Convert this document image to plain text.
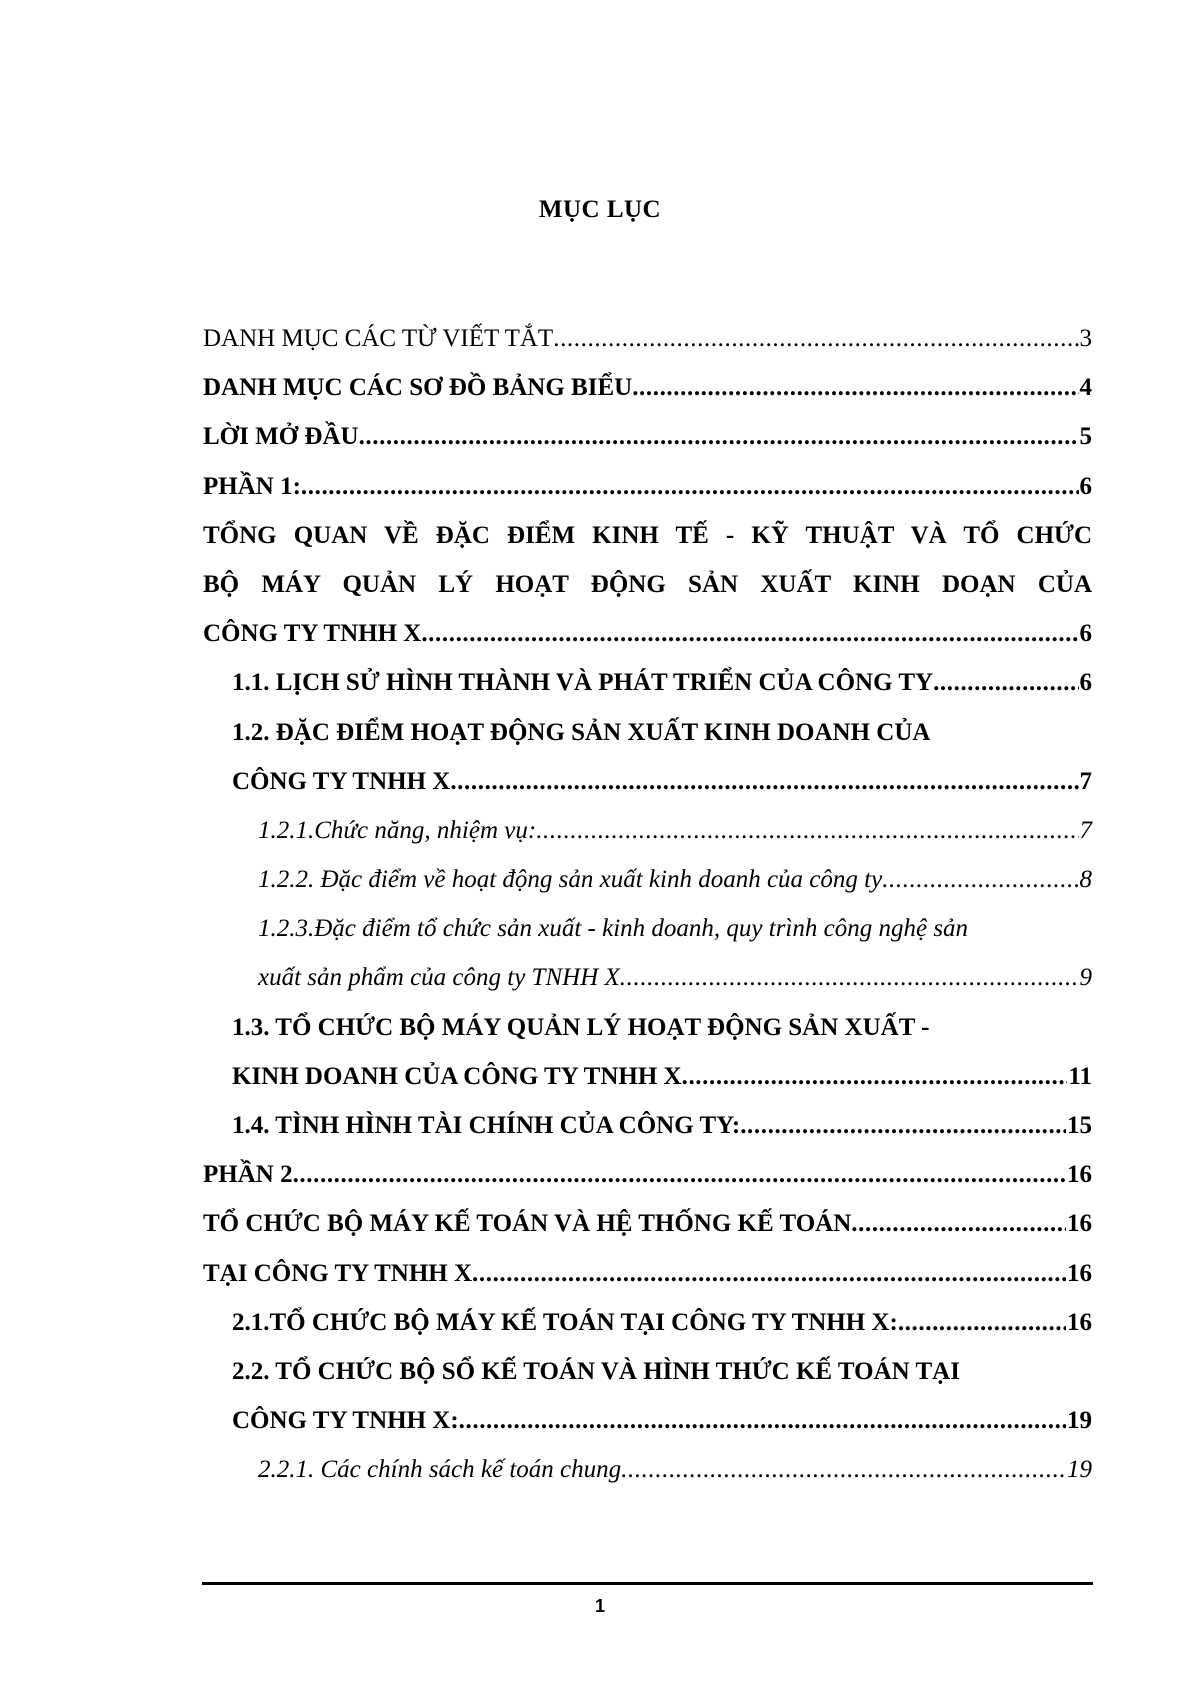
MỤC LỤC
DANH MỤC CÁC TỪ VIẾT TẮT .....	3
DANH MỤC CÁC SƠ ĐỒ BẢNG BIỂU .....	4
LỜI MỞ ĐẦU .....	5
PHẦN 1: .....	6
TỔNG QUAN VỀ ĐẶC ĐIỂM KINH TẾ - KỸ THUẬT VÀ TỔ CHỨC
BỘ MÁY QUẢN LÝ HOẠT ĐỘNG SẢN XUẤT KINH DOẠN CỦA
CÔNG TY TNHH X .....	6
1.1. LỊCH SỬ HÌNH THÀNH VÀ PHÁT TRIỂN CỦA CÔNG TY .....	6
1.2. ĐẶC ĐIỂM HOẠT ĐỘNG SẢN XUẤT KINH DOANH CỦA
CÔNG TY TNHH X .....	7
1.2.1.Chức năng, nhiệm vụ: .....	7
1.2.2. Đặc điểm về hoạt động sản xuất kinh doanh của công ty .....	8
1.2.3.Đặc điểm tổ chức sản xuất - kinh doanh, quy trình công nghệ sản
xuất sản phẩm của công ty TNHH X .....	9
1.3. TỔ CHỨC BỘ MÁY QUẢN LÝ HOẠT ĐỘNG SẢN XUẤT -
KINH DOANH CỦA CÔNG TY TNHH X .....	11
1.4. TÌNH HÌNH TÀI CHÍNH CỦA CÔNG TY: .....	15
PHẦN 2 .....	16
TỔ CHỨC BỘ MÁY KẾ TOÁN VÀ HỆ THỐNG KẾ TOÁN .....	16
TẠI CÔNG TY TNHH X .....	16
2.1.TỔ CHỨC BỘ MÁY KẾ TOÁN TẠI CÔNG TY TNHH X: .....	16
2.2. TỔ CHỨC BỘ SỔ KẾ TOÁN VÀ HÌNH THỨC KẾ TOÁN TẠI
CÔNG TY TNHH X: .....	19
2.2.1. Các chính sách kế toán chung .....	19
1
